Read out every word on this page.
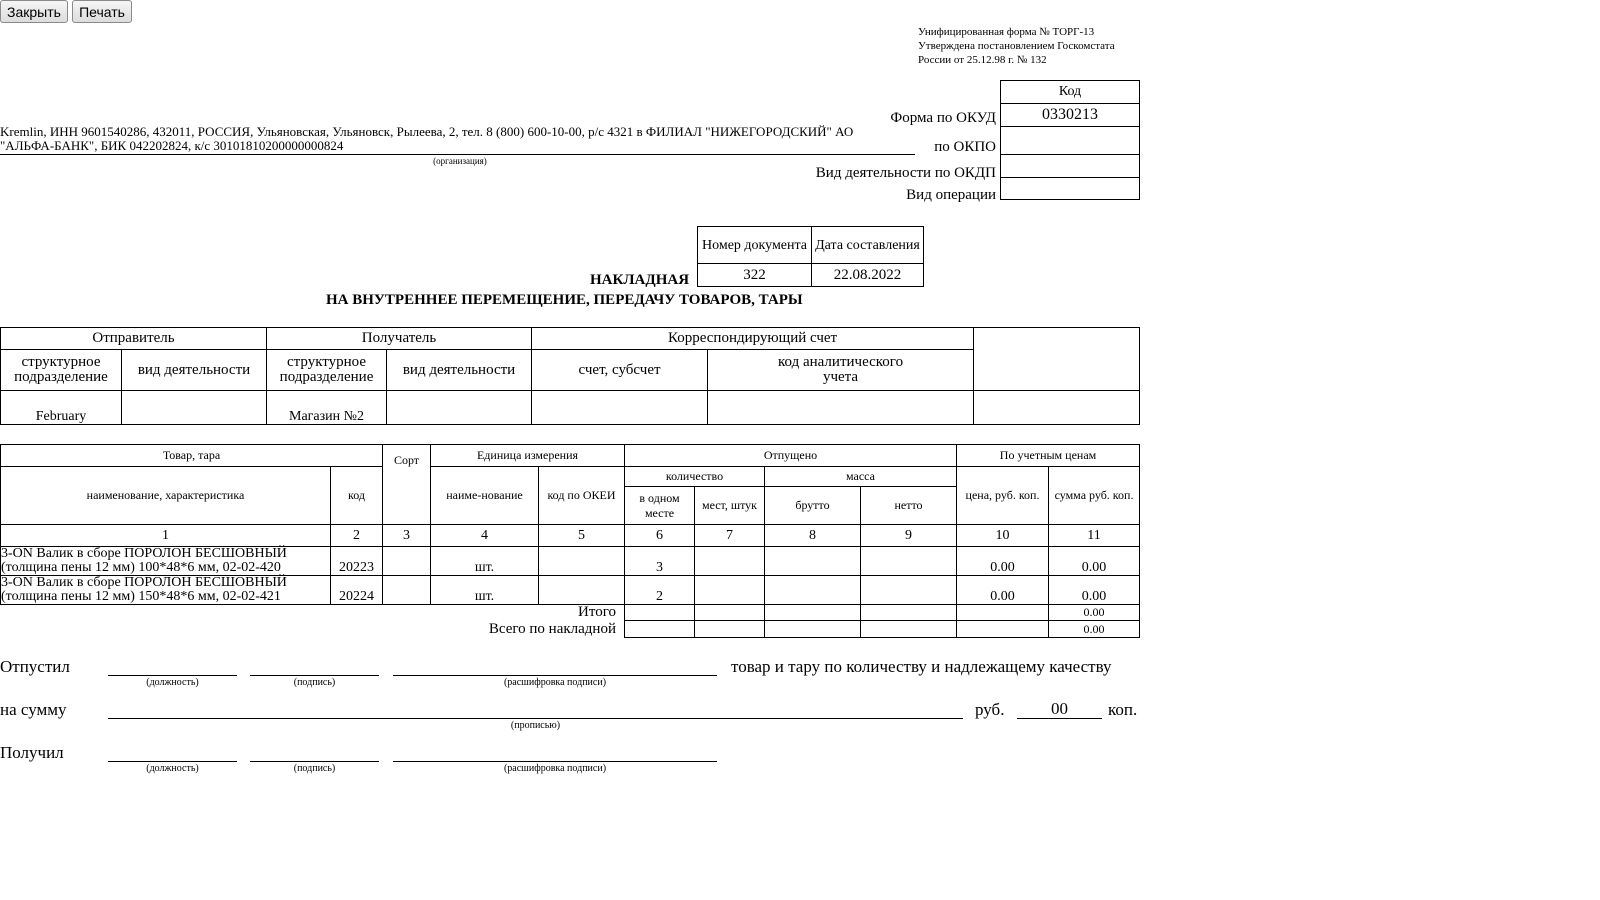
Закрыть	Печать
Унифицированная форма № ТОРГ-13
Утверждена постановлением Госкомстата
России от 25.12.98 г. № 132
Форма по ОКУД
по ОКПО
Вид деятельности по ОКДП
Вид операции
Код
0330213

Kremlin, ИНН 9601540286, 432011, РОССИЯ, Ульяновская, Ульяновск, Рылеева, 2, тел. 8 (800) 600-10-00, р/с 4321 в ФИЛИАЛ "НИЖЕГОРОДСКИЙ" АО
"АЛЬФА-БАНК", БИК 042202824, к/с 30101810200000000824
(организация)
Номер документа	Дата составления
322	22.08.2022
НАКЛАДНАЯ
НА ВНУТРЕННЕЕ ПЕРЕМЕЩЕНИЕ, ПЕРЕДАЧУ ТОВАРОВ, ТАРЫ
Отправитель		Получатель		Корреспондирующий счет		
структурное подразделение	вид деятельности	структурное подразделение	вид деятельности	счет, субсчет	код аналитического учета	
February		Магазин №2				
Товар, тара		Сорт	Единица измерения		Отпущено				По учетным ценам	
наименование, характеристика	код		наиме-нование	код по ОКЕИ	количество		масса		цена, руб. коп.	сумма руб. коп.
					в одном месте	мест, штук	брутто	нетто		
1	2	3	4	5	6	7	8	9	10	11
3-ON Валик в сборе ПОРОЛОН БЕСШОВНЫЙ (толщина пены 12 мм) 100*48*6 мм, 02-02-420	20223		шт.		3				0.00	0.00
3-ON Валик в сборе ПОРОЛОН БЕСШОВНЫЙ (толщина пены 12 мм) 150*48*6 мм, 02-02-421	20224		шт.		2				0.00	0.00
Итого										0.00
Всего по накладной										0.00
Отпустил
(должность)	(подпись)	(расшифровка подписи)
товар и тару по количеству и надлежащему качеству
на сумму
(прописью)
руб.	00	коп.
Получил
(должность)	(подпись)	(расшифровка подписи)
